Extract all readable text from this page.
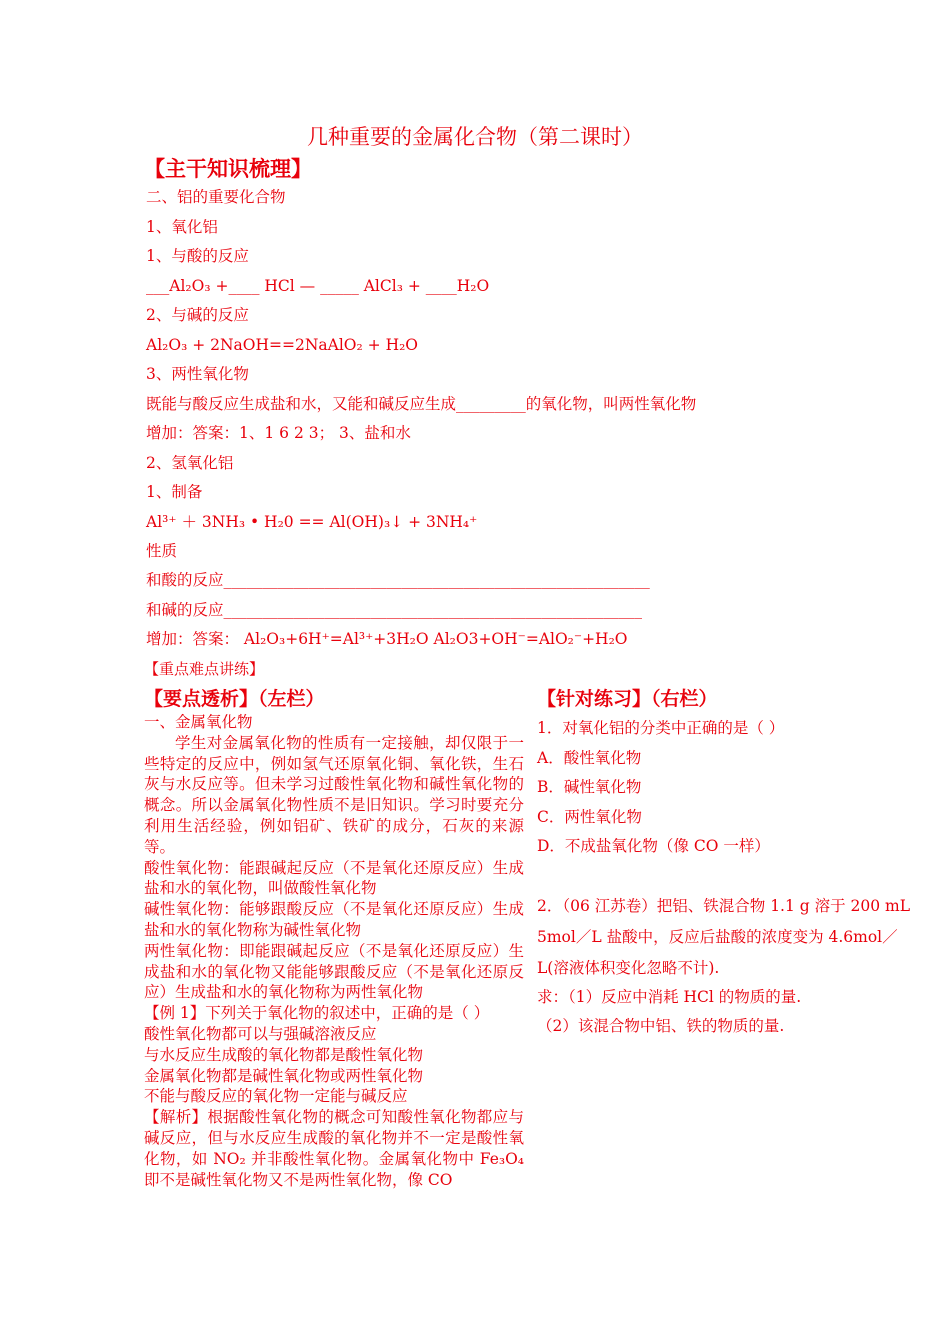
几种重要的金属化合物（第二课时）
【主干知识梳理】
二、铝的重要化合物
1、氧化铝
1、与酸的反应
___Al₂O₃ +____ HCl — _____ AlCl₃ + ____H₂O
2、与碱的反应
Al₂O₃ + 2NaOH==2NaAlO₂ + H₂O
3、两性氧化物
既能与酸反应生成盐和水，又能和碱反应生成_________的氧化物，叫两性氧化物
增加：答案：1、1 6 2 3； 3、盐和水
2、氢氧化铝
1、制备
Al³⁺ ＋ 3NH₃ • H₂0 == Al(OH)₃↓ + 3NH₄⁺
性质
和酸的反应_______________________________________________________
和碱的反应______________________________________________________
增加：答案： Al₂O₃+6H⁺=Al³⁺+3H₂O Al₂O3+OH⁻=AlO₂⁻+H₂O
【重点难点讲练】
【要点透析】（左栏）	【针对练习】（右栏）

一、金属氧化物

学生对金属氧化物的性质有一定接触，却仅限于一些特定的反应中，例如氢气还原氧化铜、氧化铁，生石灰与水反应等。但未学习过酸性氧化物和碱性氧化物的概念。所以金属氧化物性质不是旧知识。学习时要充分利用生活经验，例如铝矿、铁矿的成分，石灰的来源等。

酸性氧化物：能跟碱起反应（不是氧化还原反应）生成盐和水的氧化物，叫做酸性氧化物

碱性氧化物：能够跟酸反应（不是氧化还原反应）生成盐和水的氧化物称为碱性氧化物

两性氧化物：即能跟碱起反应（不是氧化还原反应）生成盐和水的氧化物又能能够跟酸反应（不是氧化还原反应）生成盐和水的氧化物称为两性氧化物

【例 1】下列关于氧化物的叙述中，正确的是（ ）

酸性氧化物都可以与强碱溶液反应

与水反应生成酸的氧化物都是酸性氧化物

金属氧化物都是碱性氧化物或两性氧化物

不能与酸反应的氧化物一定能与碱反应

【解析】根据酸性氧化物的概念可知酸性氧化物都应与碱反应，但与水反应生成酸的氧化物并不一定是酸性氧化物，如 NO₂ 并非酸性氧化物。金属氧化物中 Fe₃O₄ 即不是碱性氧化物又不是两性氧化物，像 CO

1．对氧化铝的分类中正确的是（ ）
A．酸性氧化物
B．碱性氧化物
C．两性氧化物
D．不成盐氧化物（像 CO 一样）
2．（06 江苏卷）把铝、铁混合物 1.1 g 溶于 200 mL
5mol／L 盐酸中，反应后盐酸的浓度变为 4.6mol／
L(溶液体积变化忽略不计).
求：（1）反应中消耗 HCl 的物质的量.
（2）该混合物中铝、铁的物质的量.
